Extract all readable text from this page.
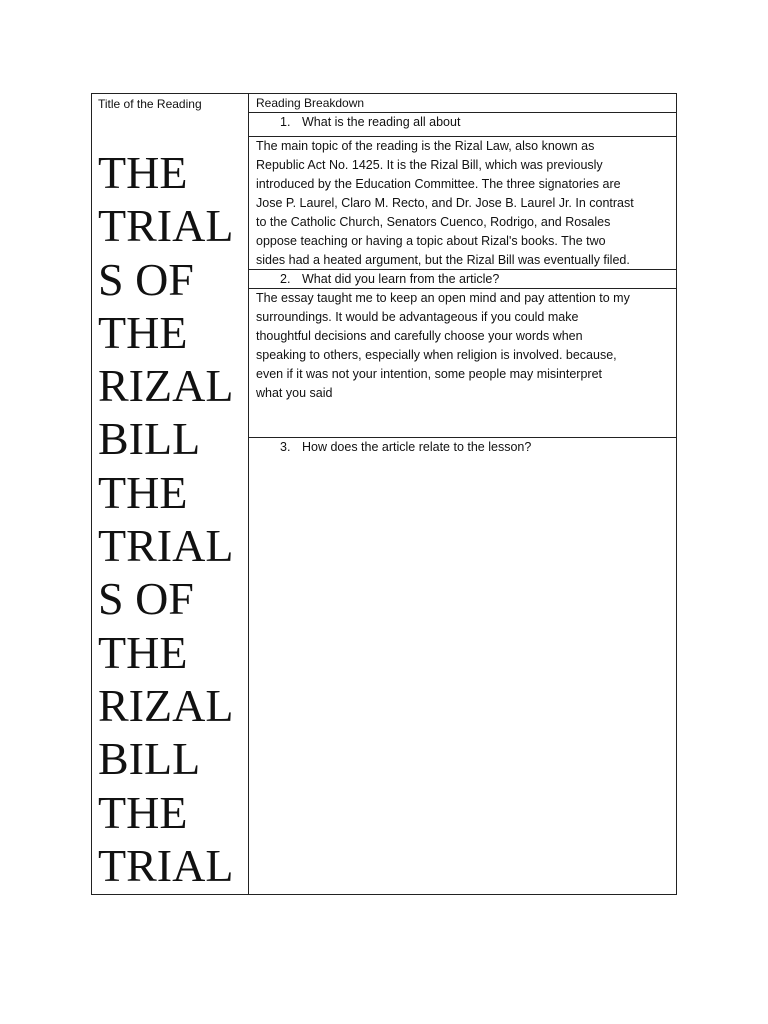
Title of the Reading
THE
TRIAL
S OF
THE
RIZAL
BILL
THE
TRIAL
S OF
THE
RIZAL
BILL
THE
TRIAL
Reading Breakdown
1. What is the reading all about

The main topic of the reading is the Rizal Law, also known as
Republic Act No. 1425. It is the Rizal Bill, which was previously
introduced by the Education Committee. The three signatories are
Jose P. Laurel, Claro M. Recto, and Dr. Jose B. Laurel Jr. In contrast
to the Catholic Church, Senators Cuenco, Rodrigo, and Rosales
oppose teaching or having a topic about Rizal's books. The two
sides had a heated argument, but the Rizal Bill was eventually filed.

2. What did you learn from the article?

The essay taught me to keep an open mind and pay attention to my
surroundings. It would be advantageous if you could make
thoughtful decisions and carefully choose your words when
speaking to others, especially when religion is involved. because,
even if it was not your intention, some people may misinterpret
what you said

3. How does the article relate to the lesson?
